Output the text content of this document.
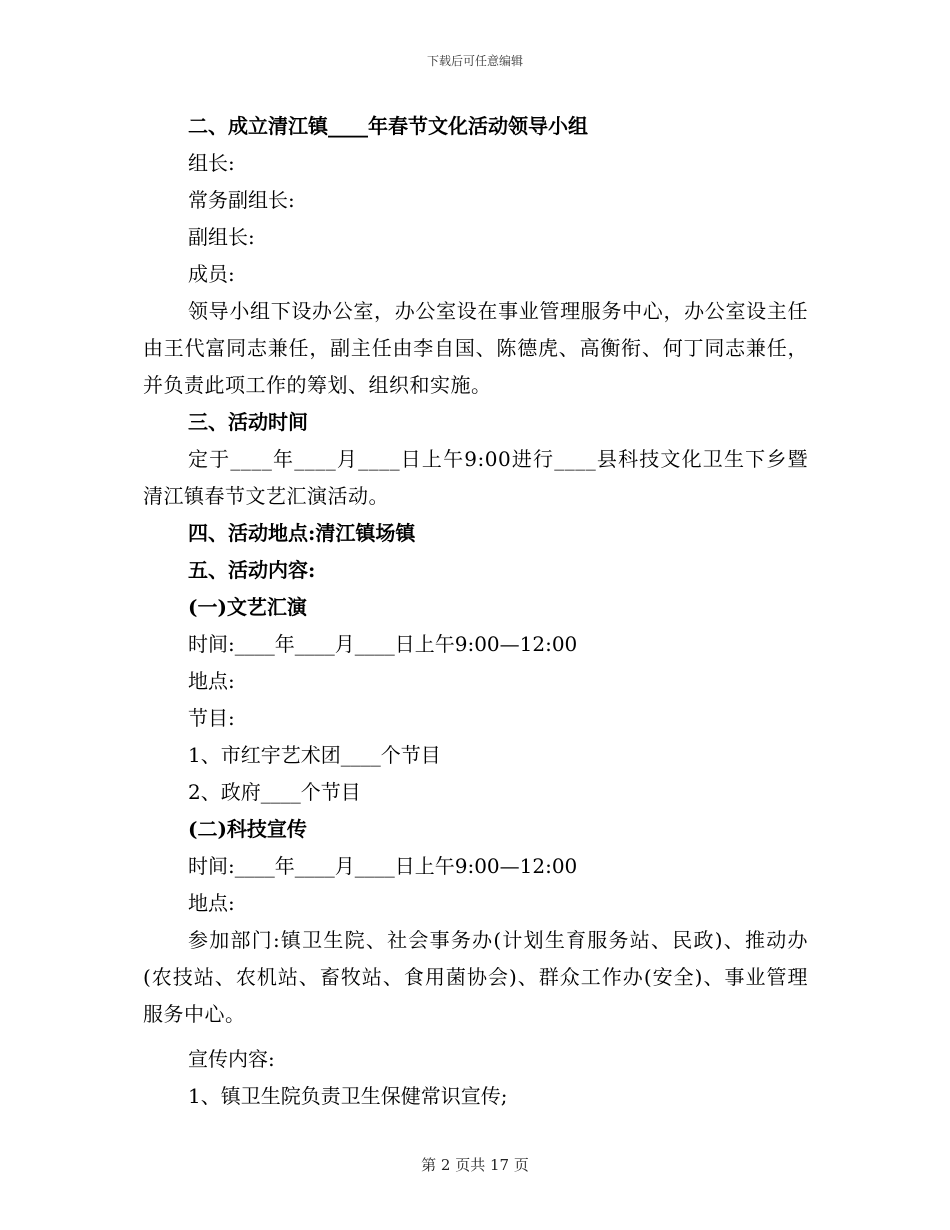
下载后可任意编辑
二、成立清江镇____年春节文化活动领导小组
组长:
常务副组长:
副组长:
成员:

领导小组下设办公室，办公室设在事业管理服务中心，办公室设主任由王代富同志兼任，副主任由李自国、陈德虎、高衡衔、何丁同志兼任，并负责此项工作的筹划、组织和实施。

三、活动时间

定于____年____月____日上午9:00进行____县科技文化卫生下乡暨清江镇春节文艺汇演活动。

四、活动地点:清江镇场镇
五、活动内容:
(一)文艺汇演
时间:____年____月____日上午9:00—12:00
地点:
节目:
1、市红宇艺术团____个节目
2、政府____个节目
(二)科技宣传
时间:____年____月____日上午9:00—12:00
地点:

参加部门:镇卫生院、社会事务办(计划生育服务站、民政)、推动办(农技站、农机站、畜牧站、食用菌协会)、群众工作办(安全)、事业管理服务中心。

宣传内容:
1、镇卫生院负责卫生保健常识宣传;
第 2 页共 17 页
